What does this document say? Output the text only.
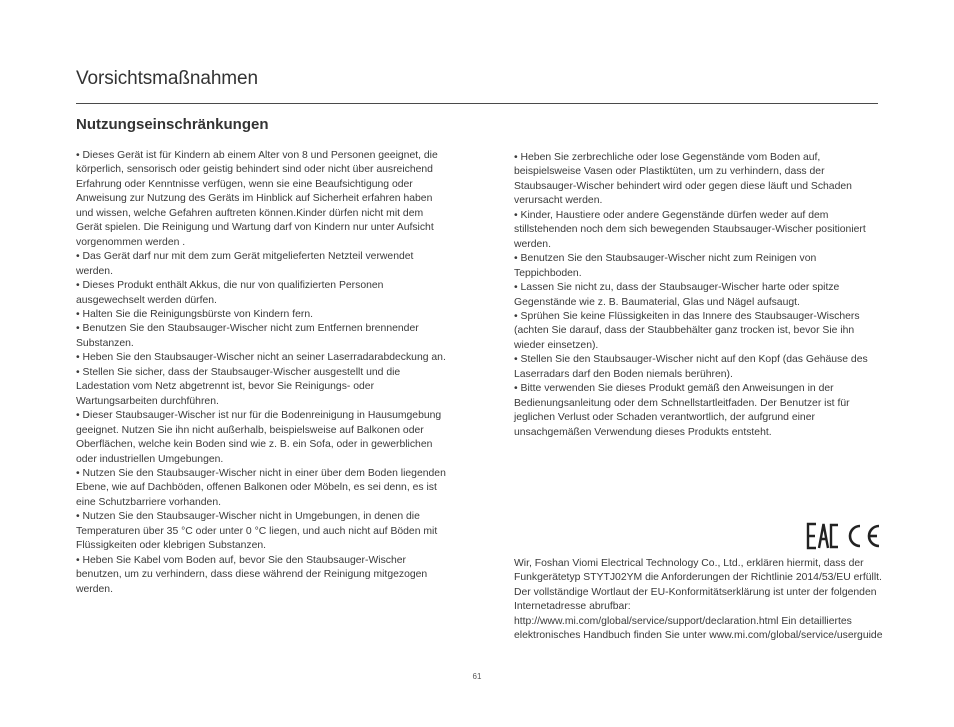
Vorsichtsmaßnahmen
Nutzungseinschränkungen

• Dieses Gerät ist für Kindern ab einem Alter von 8 und Personen geeignet, die körperlich, sensorisch oder geistig behindert sind oder nicht über ausreichend Erfahrung oder Kenntnisse verfügen, wenn sie eine Beaufsichtigung oder Anweisung zur Nutzung des Geräts im Hinblick auf Sicherheit erfahren haben und wissen, welche Gefahren auftreten können.Kinder dürfen nicht mit dem Gerät spielen. Die Reinigung und Wartung darf von Kindern nur unter Aufsicht vorgenommen werden .

• Das Gerät darf nur mit dem zum Gerät mitgelieferten Netzteil verwendet werden.

• Dieses Produkt enthält Akkus, die nur von qualifizierten Personen ausgewechselt werden dürfen.

• Halten Sie die Reinigungsbürste von Kindern fern.

• Benutzen Sie den Staubsauger-Wischer nicht zum Entfernen brennender Substanzen.

• Heben Sie den Staubsauger-Wischer nicht an seiner Laserradarabdeckung an.

• Stellen Sie sicher, dass der Staubsauger-Wischer ausgestellt und die Ladestation vom Netz abgetrennt ist, bevor Sie Reinigungs- oder Wartungsarbeiten durchführen.

• Dieser Staubsauger-Wischer ist nur für die Bodenreinigung in Hausumgebung geeignet. Nutzen Sie ihn nicht außerhalb, beispielsweise auf Balkonen oder Oberflächen, welche kein Boden sind wie z. B. ein Sofa, oder in gewerblichen oder industriellen Umgebungen.

• Nutzen Sie den Staubsauger-Wischer nicht in einer über dem Boden liegenden Ebene, wie auf Dachböden, offenen Balkonen oder Möbeln, es sei denn, es ist eine Schutzbarriere vorhanden.

• Nutzen Sie den Staubsauger-Wischer nicht in Umgebungen, in denen die Temperaturen über 35 °C oder unter 0 °C liegen, und auch nicht auf Böden mit Flüssigkeiten oder klebrigen Substanzen.

• Heben Sie Kabel vom Boden auf, bevor Sie den Staubsauger-Wischer benutzen, um zu verhindern, dass diese während der Reinigung mitgezogen werden.

• Heben Sie zerbrechliche oder lose Gegenstände vom Boden auf, beispielsweise Vasen oder Plastiktüten, um zu verhindern, dass der Staubsauger-Wischer behindert wird oder gegen diese läuft und Schaden verursacht werden.

• Kinder, Haustiere oder andere Gegenstände dürfen weder auf dem stillstehenden noch dem sich bewegenden Staubsauger-Wischer positioniert werden.

• Benutzen Sie den Staubsauger-Wischer nicht zum Reinigen von Teppichboden.

• Lassen Sie nicht zu, dass der Staubsauger-Wischer harte oder spitze Gegenstände wie z. B. Baumaterial, Glas und Nägel aufsaugt.

• Sprühen Sie keine Flüssigkeiten in das Innere des Staubsauger-Wischers (achten Sie darauf, dass der Staubbehälter ganz trocken ist, bevor Sie ihn wieder einsetzen).

• Stellen Sie den Staubsauger-Wischer nicht auf den Kopf (das Gehäuse des Laserradars darf den Boden niemals berühren).

• Bitte verwenden Sie dieses Produkt gemäß den Anweisungen in der Bedienungsanleitung oder dem Schnellstartleitfaden. Der Benutzer ist für jeglichen Verlust oder Schaden verantwortlich, der aufgrund einer unsachgemäßen Verwendung dieses Produkts entsteht.

Wir, Foshan Viomi Electrical Technology Co., Ltd., erklären hiermit, dass der Funkgerätetyp STYTJ02YM die Anforderungen der Richtlinie 2014/53/EU erfüllt. Der vollständige Wortlaut der EU-Konformitätserklärung ist unter der folgenden Internetadresse abrufbar: http://www.mi.com/global/service/support/declaration.html Ein detailliertes elektronisches Handbuch finden Sie unter www.mi.com/global/service/userguide
61
